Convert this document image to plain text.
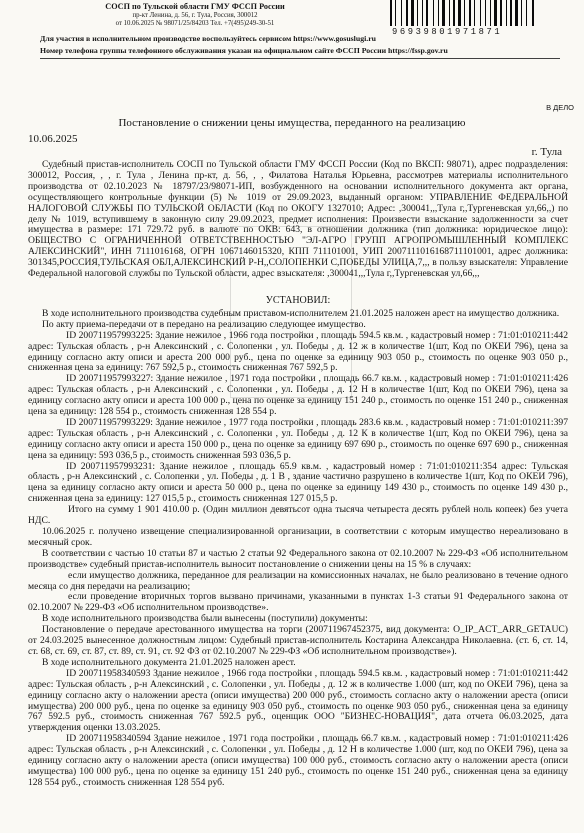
СОСП по Тульской области ГМУ ФССП России
пр-кт Ленина, д. 56, г. Тула, Россия, 300012
от 10.06.2025 № 98071/25/84203 Тел. +7(495)249-30-51
96939801971871
Для участия в исполнительном производстве воспользуйтесь сервисом https://www.gosuslugi.ru
Номер телефона группы телефонного обслуживания указан на официальном сайте ФССП России https://fssp.gov.ru
В ДЕЛО
Постановление о снижении цены имущества, переданного на реализацию
10.06.2025
г. Тула

Судебный пристав-исполнитель СОСП по Тульской области ГМУ ФССП России (Код по ВКСП: 98071), адрес подразделения: 300012, Россия, , , г. Тула , Ленина пр-кт, д. 56, , , Филатова Наталья Юрьевна, рассмотрев материалы исполнительного производства от 02.10.2023 № 18797/23/98071-ИП, возбужденного на основании исполнительного документа акт органа, осуществляющего контрольные функции (5) № 1019 от 29.09.2023, выданный органом: УПРАВЛЕНИЕ ФЕДЕРАЛЬНОЙ НАЛОГОВОЙ СЛУЖБЫ ПО ТУЛЬСКОЙ ОБЛАСТИ (Код по ОКОГУ 1327010; Адрес: ,300041,,,Тула г,,Тургеневская ул,66,,) по делу № 1019, вступившему в законную силу 29.09.2023, предмет исполнения: Произвести взыскание задолженности за счет имущества в размере: 171 729.72 руб. в валюте по ОКВ: 643, в отношении должника (тип должника: юридическое лицо): ОБЩЕСТВО С ОГРАНИЧЕННОЙ ОТВЕТСТВЕННОСТЬЮ "ЭЛ-АГРО ГРУПП АГРОПРОМЫШЛЕННЫЙ КОМПЛЕКС АЛЕКСИНСКИЙ", ИНН 7111016168, ОГРН 1067146015320, КПП 711101001, УИП 2007111016168711101001, адрес должника: 301345,РОССИЯ,ТУЛЬСКАЯ ОБЛ,АЛЕКСИНСКИЙ Р-Н,,СОЛОПЕНКИ С,ПОБЕДЫ УЛИЦА,7,,, в пользу взыскателя: Управление Федеральной налоговой службы по Тульской области, адрес взыскателя: ,300041,,,Тула г,,Тургеневская ул,66,,,

УСТАНОВИЛ:

В ходе исполнительного производства судебным приставом-исполнителем 21.01.2025 наложен арест на имущество должника.

По акту приема-передачи от в передано на реализацию следующее имущество.

ID 200711957993225: Здание нежилое , 1966 года постройки , площадь 594.5 кв.м. , кадастровый номер : 71:01:010211:442 адрес: Тульская область , р-н Алексинский , с. Солопенки , ул. Победы , д. 12 ж в количестве 1(шт, Код по ОКЕИ 796), цена за единицу согласно акту описи и ареста 200 000 руб., цена по оценке за единицу 903 050 р., стоимость по оценке 903 050 р., сниженная цена за единицу: 767 592,5 р., стоимость сниженная 767 592,5 р.

ID 200711957993227: Здание нежилое , 1971 года постройки , площадь 66.7 кв.м. , кадастровый номер : 71:01:010211:426 адрес: Тульская область , р-н Алексинский , с. Солопенки , ул. Победы , д. 12 Н в количестве 1(шт, Код по ОКЕИ 796), цена за единицу согласно акту описи и ареста 100 000 р., цена по оценке за единицу 151 240 р., стоимость по оценке 151 240 р., сниженная цена за единицу: 128 554 р., стоимость сниженная 128 554 р.

ID 200711957993229: Здание нежилое , 1977 года постройки , площадь 283.6 кв.м. , кадастровый номер : 71:01:010211:397 адрес: Тульская область , р-н Алексинский , с. Солопенки , ул. Победы , д. 12 К в количестве 1(шт, Код по ОКЕИ 796), цена за единицу согласно акту описи и ареста 150 000 р., цена по оценке за единицу 697 690 р., стоимость по оценке 697 690 р., сниженная цена за единицу: 593 036,5 р., стоимость сниженная 593 036,5 р.

ID 200711957993231: Здание нежилое , площадь 65.9 кв.м. , кадастровый номер : 71:01:010211:354 адрес: Тульская область , р-н Алексинский , с. Солопенки , ул. Победы , д. 1 В , здание частично разрушено в количестве 1(шт, Код по ОКЕИ 796), цена за единицу согласно акту описи и ареста 50 000 р., цена по оценке за единицу 149 430 р., стоимость по оценке 149 430 р., сниженная цена за единицу: 127 015,5 р., стоимость сниженная 127 015,5 р.

Итого на сумму 1 901 410.00 р. (Один миллион девятьсот одна тысяча четыреста десять рублей ноль копеек) без учета НДС.

10.06.2025 г. получено извещение специализированной организации, в соответствии с которым имущество нереализовано в месячный срок.

В соответствии с частью 10 статьи 87 и частью 2 статьи 92 Федерального закона от 02.10.2007 № 229-ФЗ «Об исполнительном производстве» судебный пристав-исполнитель выносит постановление о снижении цены на 15 % в случаях:

если имущество должника, переданное для реализации на комиссионных началах, не было реализовано в течение одного месяца со дня передачи на реализацию;

если проведение вторичных торгов вызвано причинами, указанными в пунктах 1-3 статьи 91 Федерального закона от 02.10.2007 № 229-ФЗ «Об исполнительном производстве».

В ходе исполнительного производства были вынесены (поступили) документы:

Постановление о передаче арестованного имущества на торги (200711967452375, вид документа: O_IP_ACT_ARR_GETAUC) от 24.03.2025 вынесенное должностным лицом: Судебный пристав-исполнитель Костарина Александра Николаевна. (ст. 6, ст. 14, ст. 68, ст. 69, ст. 87, ст. 89, ст. 91, ст. 92 ФЗ от 02.10.2007 № 229-ФЗ «Об исполнительном производстве»).

В ходе исполнительного документа 21.01.2025 наложен арест.

ID 200711958340593 Здание нежилое , 1966 года постройки , площадь 594.5 кв.м. , кадастровый номер : 71:01:010211:442 адрес: Тульская область , р-н Алексинский , с. Солопенки , ул. Победы , д. 12 ж в количестве 1.000 (шт, код по ОКЕИ 796), цена за единицу согласно акту о наложении ареста (описи имущества) 200 000 руб., стоимость согласно акту о наложении ареста (описи имущества) 200 000 руб., цена по оценке за единицу 903 050 руб., стоимость по оценке 903 050 руб., сниженная цена за единицу 767 592.5 руб., стоимость сниженная 767 592.5 руб., оценщик ООО "БИЗНЕС-НОВАЦИЯ", дата отчета 06.03.2025, дата утверждения оценки 13.03.2025.

ID 200711958340594 Здание нежилое , 1971 года постройки , площадь 66.7 кв.м. , кадастровый номер : 71:01:010211:426 адрес: Тульская область , р-н Алексинский , с. Солопенки , ул. Победы , д. 12 Н в количестве 1.000 (шт, код по ОКЕИ 796), цена за единицу согласно акту о наложении ареста (описи имущества) 100 000 руб., стоимость согласно акту о наложении ареста (описи имущества) 100 000 руб., цена по оценке за единицу 151 240 руб., стоимость по оценке 151 240 руб., сниженная цена за единицу 128 554 руб., стоимость сниженная 128 554 руб.
